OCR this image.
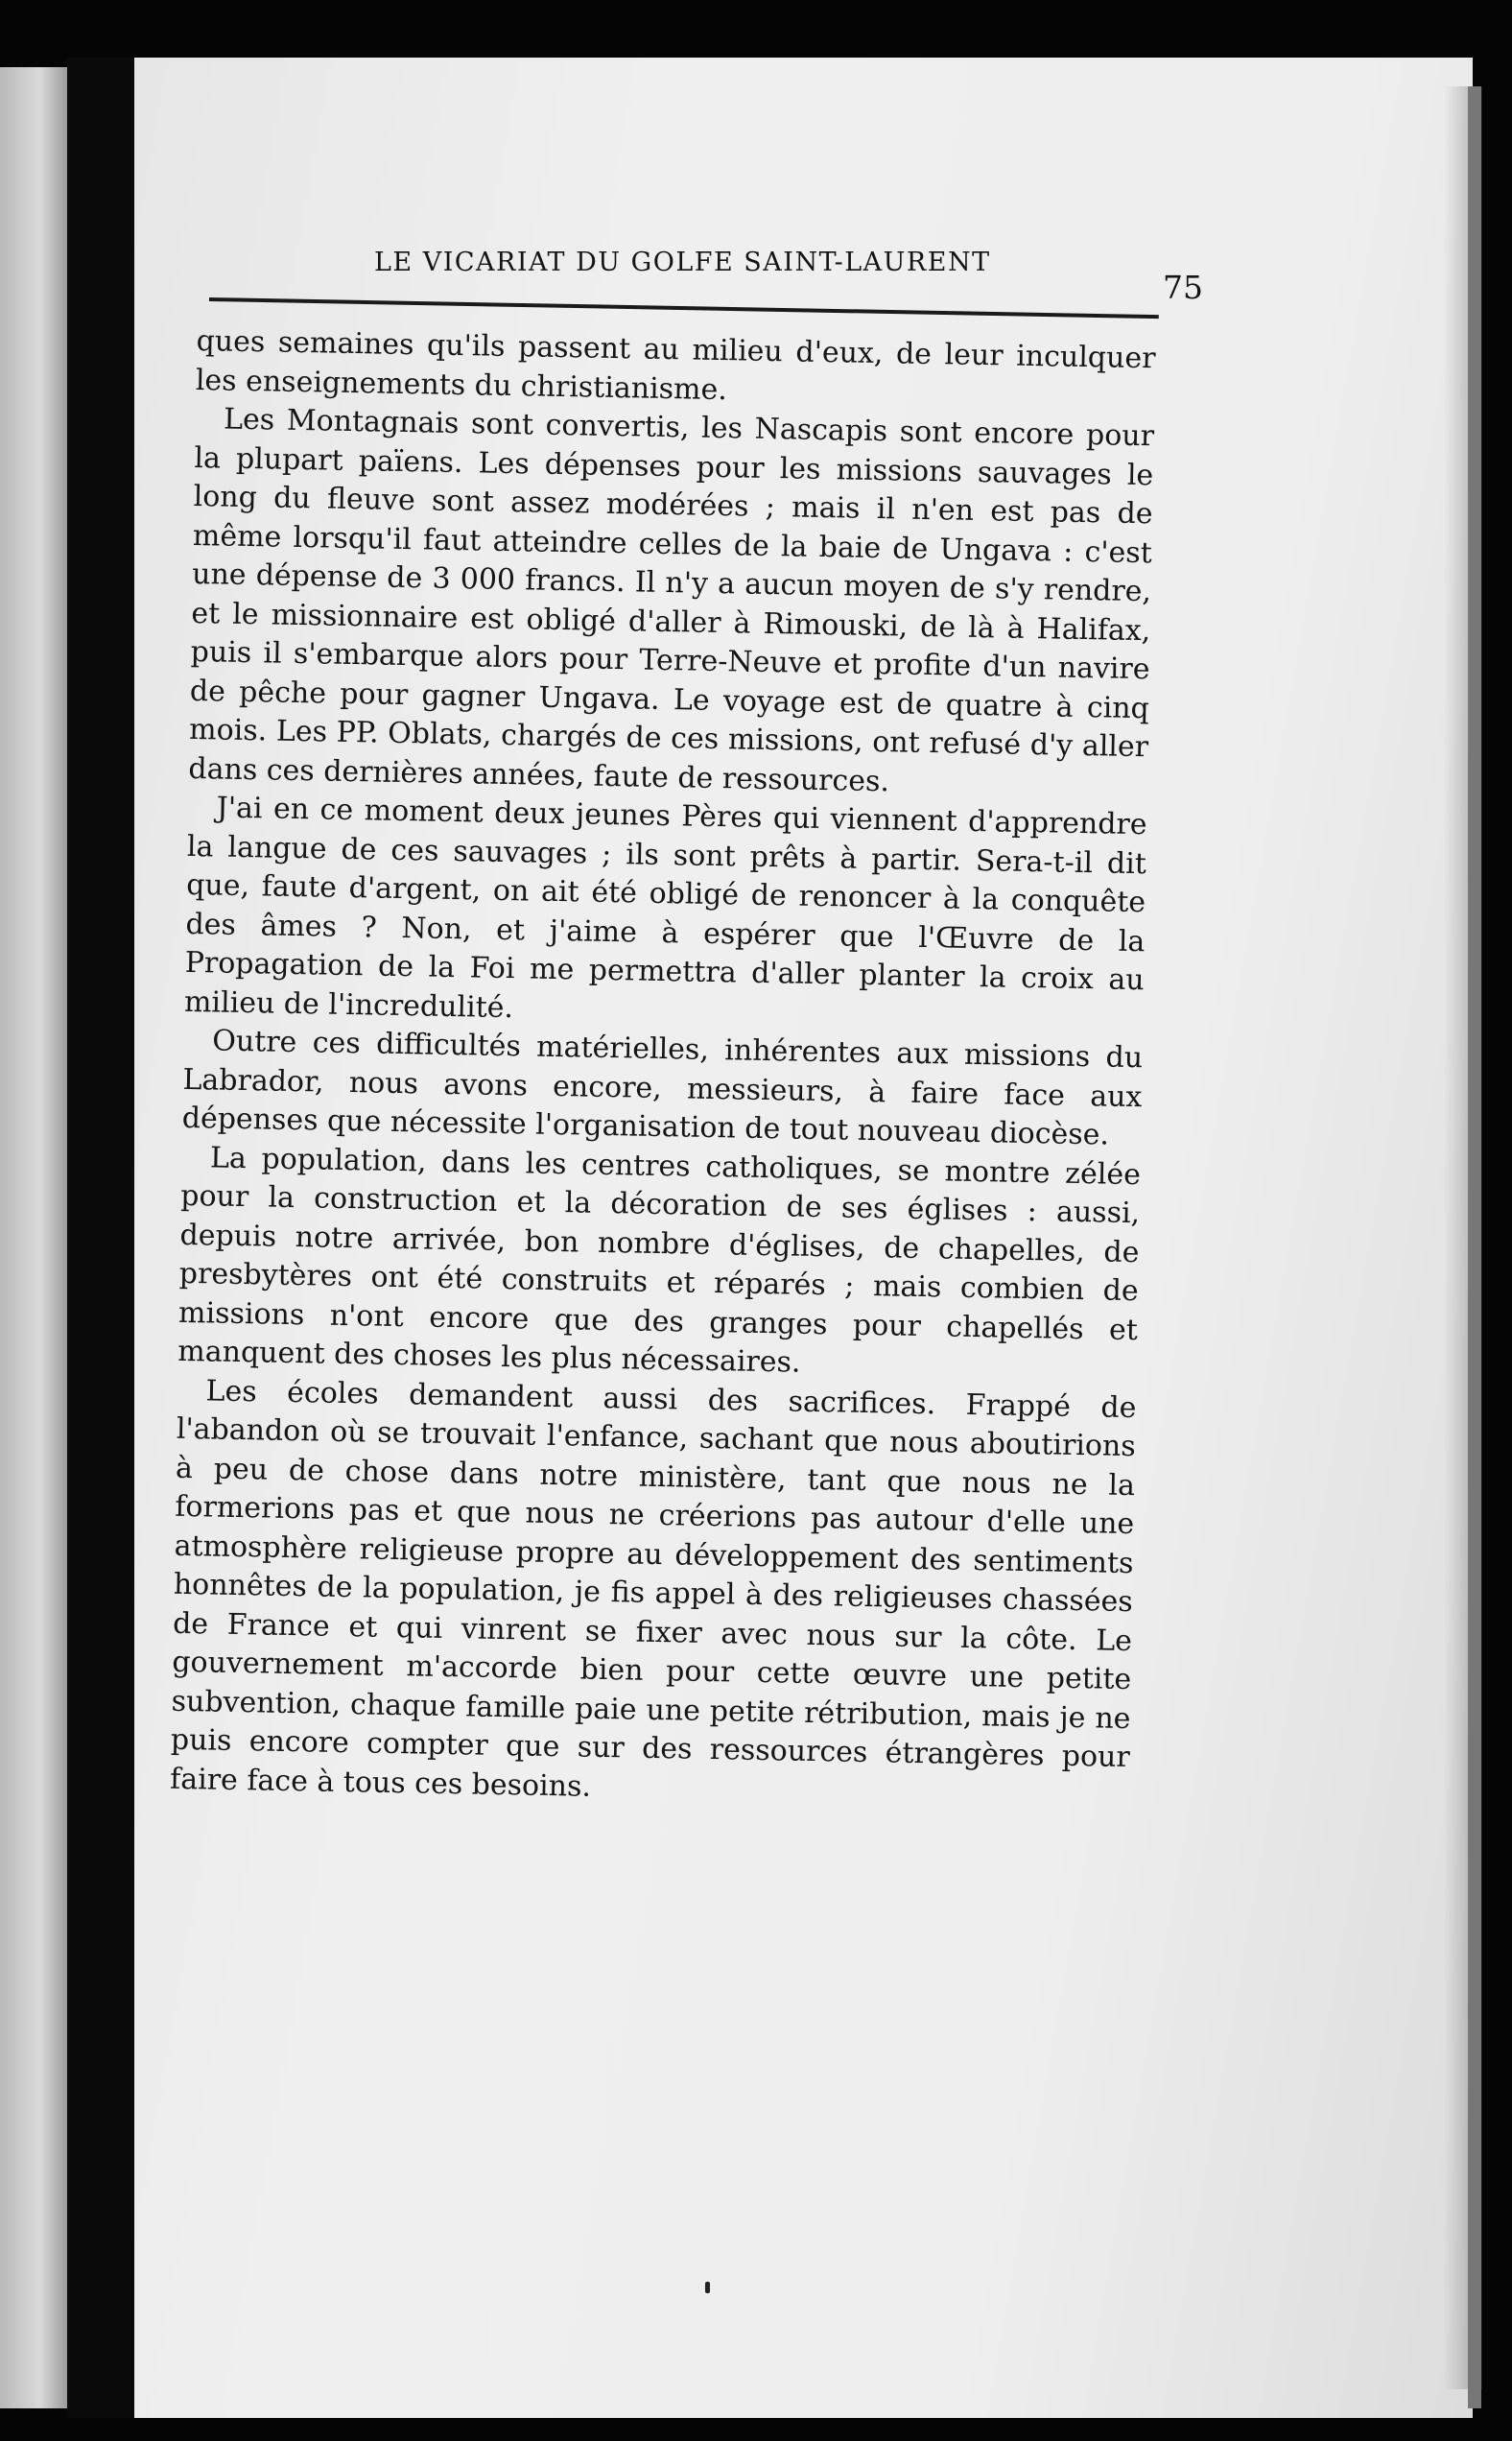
LE VICARIAT DU GOLFE SAINT-LAURENT
75

ques semaines qu'ils passent au milieu d'eux, de leur inculquer les enseignements du christianisme.

Les Montagnais sont convertis, les Nascapis sont encore pour la plupart païens. Les dépenses pour les missions sauvages le long du fleuve sont assez modérées ; mais il n'en est pas de même lorsqu'il faut atteindre celles de la baie de Ungava : c'est une dépense de 3 000 francs. Il n'y a aucun moyen de s'y rendre, et le missionnaire est obligé d'aller à Rimouski, de là à Halifax, puis il s'embarque alors pour Terre-Neuve et profite d'un navire de pêche pour gagner Ungava. Le voyage est de quatre à cinq mois. Les PP. Oblats, chargés de ces missions, ont refusé d'y aller dans ces dernières années, faute de ressources.

J'ai en ce moment deux jeunes Pères qui viennent d'apprendre la langue de ces sauvages ; ils sont prêts à partir. Sera-t-il dit que, faute d'argent, on ait été obligé de renoncer à la conquête des âmes ? Non, et j'aime à espérer que l'Œuvre de la Propagation de la Foi me permettra d'aller planter la croix au milieu de l'incredulité.

Outre ces difficultés matérielles, inhérentes aux missions du Labrador, nous avons encore, messieurs, à faire face aux dépenses que nécessite l'organisation de tout nouveau diocèse.

La population, dans les centres catholiques, se montre zélée pour la construction et la décoration de ses églises : aussi, depuis notre arrivée, bon nombre d'églises, de chapelles, de presbytères ont été construits et réparés ; mais combien de missions n'ont encore que des granges pour chapellés et manquent des choses les plus nécessaires.

Les écoles demandent aussi des sacrifices. Frappé de l'abandon où se trouvait l'enfance, sachant que nous aboutirions à peu de chose dans notre ministère, tant que nous ne la formerions pas et que nous ne créerions pas autour d'elle une atmosphère religieuse propre au développement des sentiments honnêtes de la population, je fis appel à des religieuses chassées de France et qui vinrent se fixer avec nous sur la côte. Le gouvernement m'accorde bien pour cette œuvre une petite subvention, chaque famille paie une petite rétribution, mais je ne puis encore compter que sur des ressources étrangères pour faire face à tous ces besoins.
